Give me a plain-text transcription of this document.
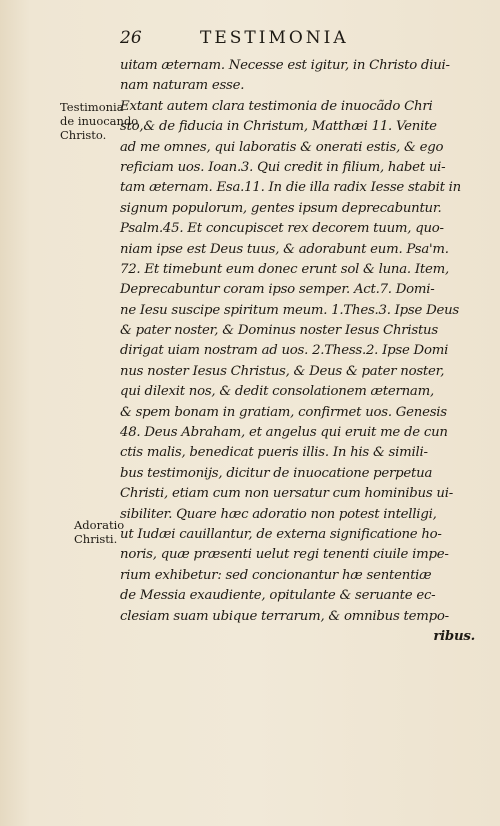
26	TESTIMONIA
Testimonia
de inuocando
Christo.
Adoratio
Christi.
uitam æternam. Necesse est igitur, in Christo diui-
nam naturam esse.
Extant autem clara testimonia de inuocãdo Chri
sto,& de fiducia in Christum, Matthæi 11. Venite
ad me omnes, qui laboratis & onerati estis, & ego
reficiam uos. Ioan.3. Qui credit in filium, habet ui-
tam æternam. Esa.11. In die illa radix Iesse stabit in
signum populorum, gentes ipsum deprecabuntur.
Psalm.45. Et concupiscet rex decorem tuum, quo-
niam ipse est Deus tuus, & adorabunt eum. Psa'm.
72. Et timebunt eum donec erunt sol & luna. Item,
Deprecabuntur coram ipso semper. Act.7. Domi-
ne Iesu suscipe spiritum meum. 1.Thes.3. Ipse Deus
& pater noster, & Dominus noster Iesus Christus
dirigat uiam nostram ad uos. 2.Thess.2. Ipse Domi
nus noster Iesus Christus, & Deus & pater noster,
qui dilexit nos, & dedit consolationem æternam,
& spem bonam in gratiam, confirmet uos. Genesis
48. Deus Abraham, et angelus qui eruit me de cun
ctis malis, benedicat pueris illis. In his & simili-
bus testimonijs, dicitur de inuocatione perpetua
Christi, etiam cum non uersatur cum hominibus ui-
sibiliter. Quare hæc adoratio non potest intelligi,
ut Iudæi cauillantur, de externa significatione ho-
noris, quæ præsenti uelut regi tenenti ciuile impe-
rium exhibetur: sed concionantur hæ sententiæ
de Messia exaudiente, opitulante & seruante ec-
clesiam suam ubique terrarum, & omnibus tempo-
ribus.
